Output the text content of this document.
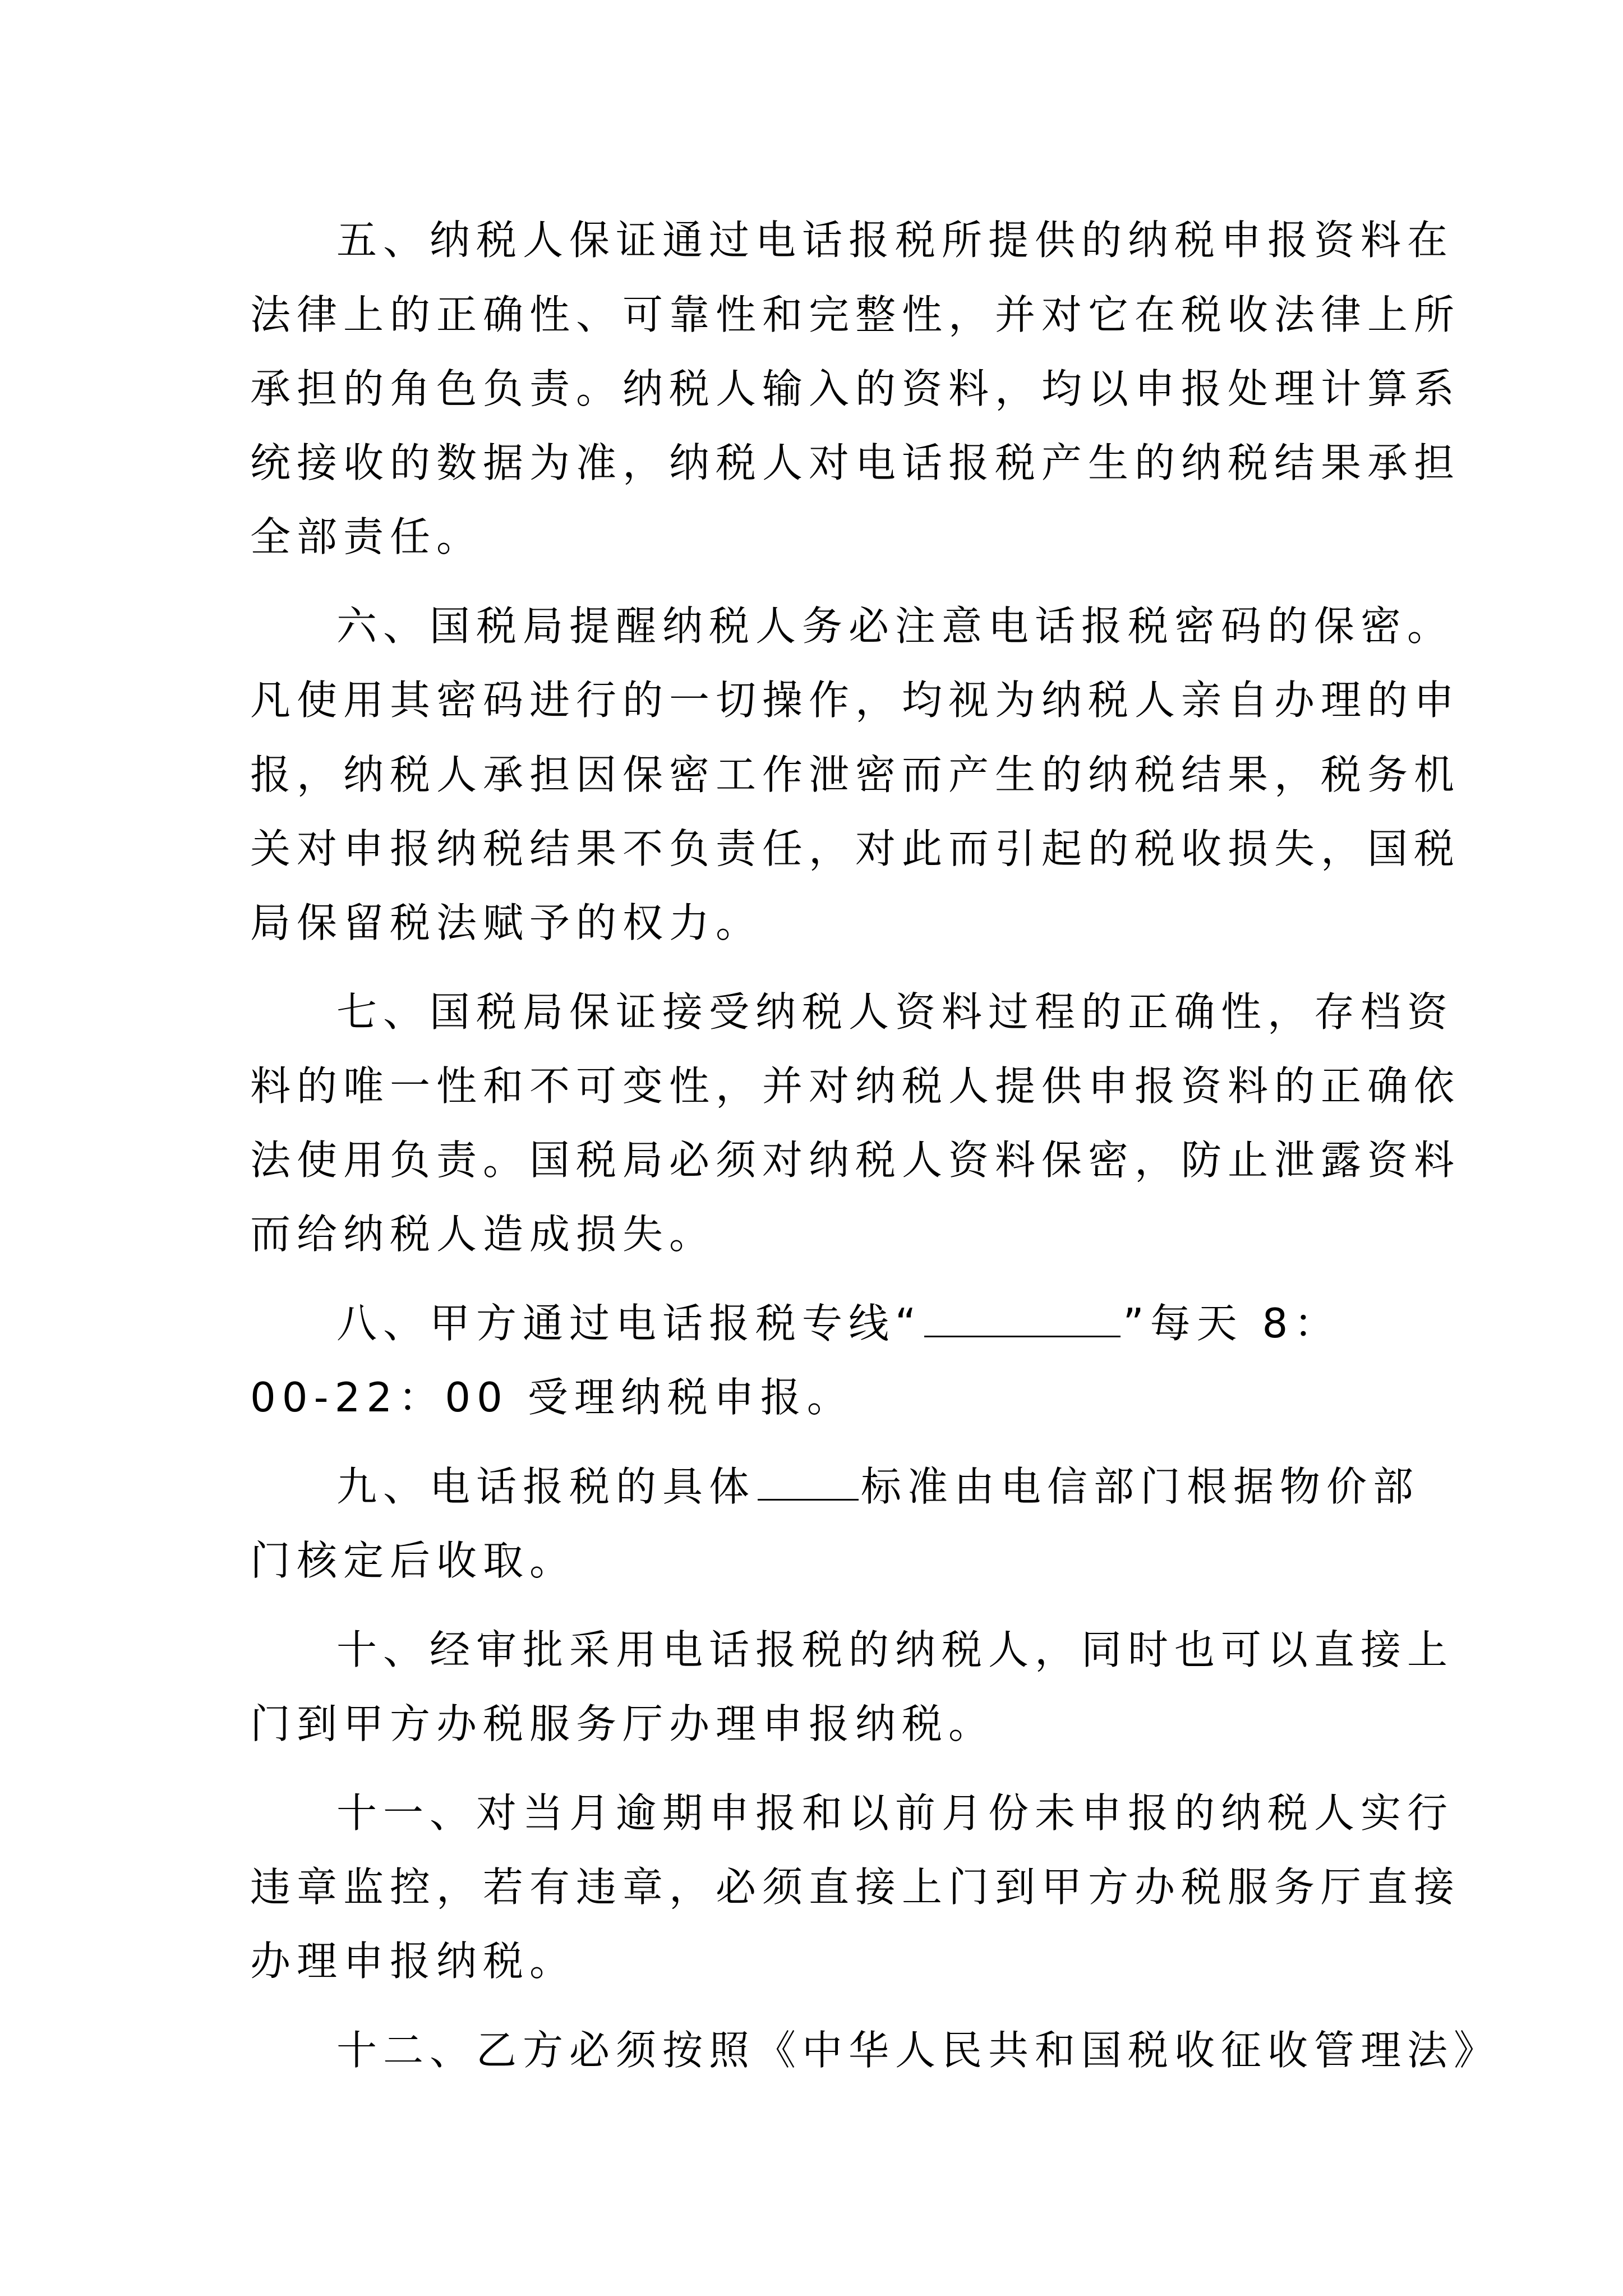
五、纳税人保证通过电话报税所提供的纳税申报资料在
法律上的正确性、可靠性和完整性，并对它在税收法律上所
承担的角色负责。纳税人输入的资料，均以申报处理计算系
统接收的数据为准，纳税人对电话报税产生的纳税结果承担
全部责任。
六、国税局提醒纳税人务必注意电话报税密码的保密。
凡使用其密码进行的一切操作，均视为纳税人亲自办理的申
报，纳税人承担因保密工作泄密而产生的纳税结果，税务机
关对申报纳税结果不负责任，对此而引起的税收损失，国税
局保留税法赋予的权力。
七、国税局保证接受纳税人资料过程的正确性，存档资
料的唯一性和不可变性，并对纳税人提供申报资料的正确依
法使用负责。国税局必须对纳税人资料保密，防止泄露资料
而给纳税人造成损失。
八、甲方通过电话报税专线“	”每天 8：
00-22：00 受理纳税申报。
九、电话报税的具体	标准由电信部门根据物价部
门核定后收取。
十、经审批采用电话报税的纳税人，同时也可以直接上
门到甲方办税服务厅办理申报纳税。
十一、对当月逾期申报和以前月份未申报的纳税人实行
违章监控，若有违章，必须直接上门到甲方办税服务厅直接
办理申报纳税。
十二、乙方必须按照《中华人民共和国税收征收管理法》
